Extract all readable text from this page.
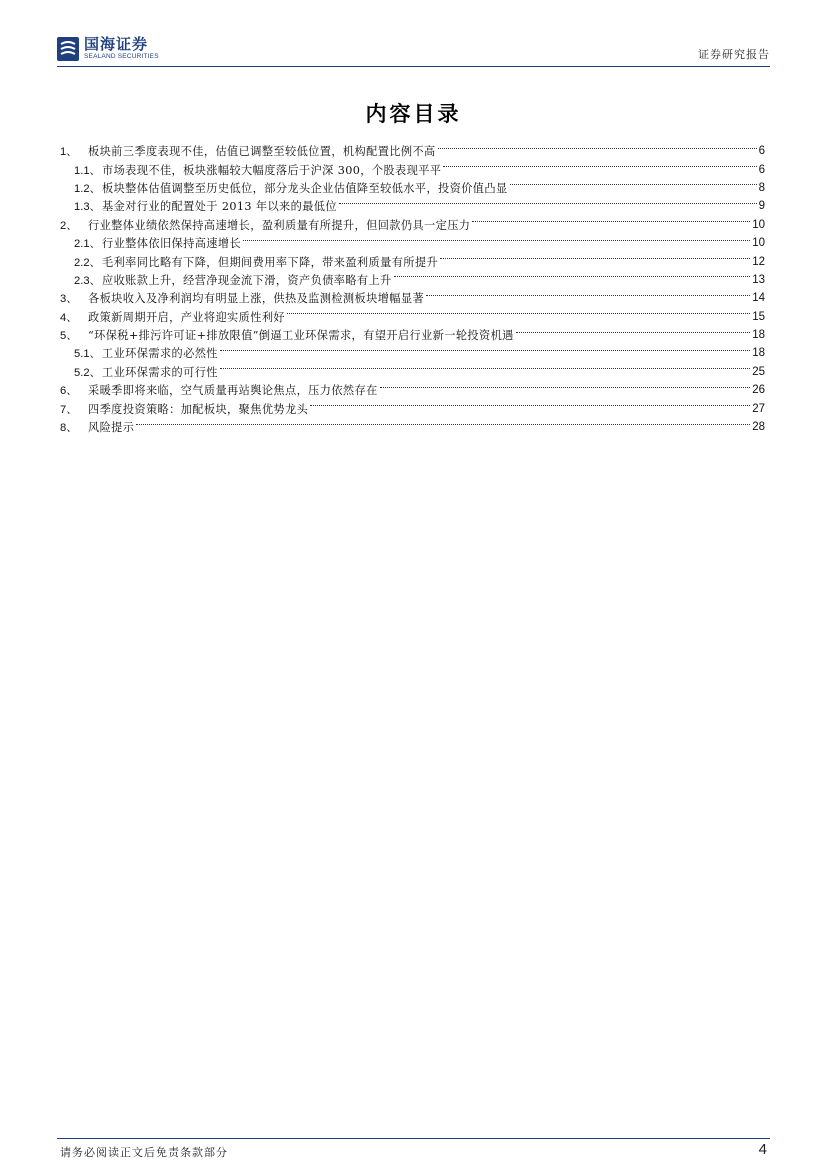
国海证券
SEALAND SECURITIES	证券研究报告
内容目录
1、 板块前三季度表现不佳，估值已调整至较低位置，机构配置比例不高	6
1.1、 市场表现不佳，板块涨幅较大幅度落后于沪深 300，个股表现平平	6
1.2、 板块整体估值调整至历史低位，部分龙头企业估值降至较低水平，投资价值凸显	8
1.3、 基金对行业的配置处于 2013 年以来的最低位	9
2、 行业整体业绩依然保持高速增长，盈利质量有所提升，但回款仍具一定压力	10
2.1、 行业整体依旧保持高速增长	10
2.2、 毛利率同比略有下降，但期间费用率下降，带来盈利质量有所提升	12
2.3、 应收账款上升，经营净现金流下滑，资产负债率略有上升	13
3、 各板块收入及净利润均有明显上涨，供热及监测检测板块增幅显著	14
4、 政策新周期开启，产业将迎实质性利好	15
5、 “环保税+排污许可证+排放限值”倒逼工业环保需求，有望开启行业新一轮投资机遇	18
5.1、 工业环保需求的必然性	18
5.2、 工业环保需求的可行性	25
6、 采暖季即将来临，空气质量再站舆论焦点，压力依然存在	26
7、 四季度投资策略：加配板块，聚焦优势龙头	27
8、 风险提示	28
请务必阅读正文后免责条款部分	4
